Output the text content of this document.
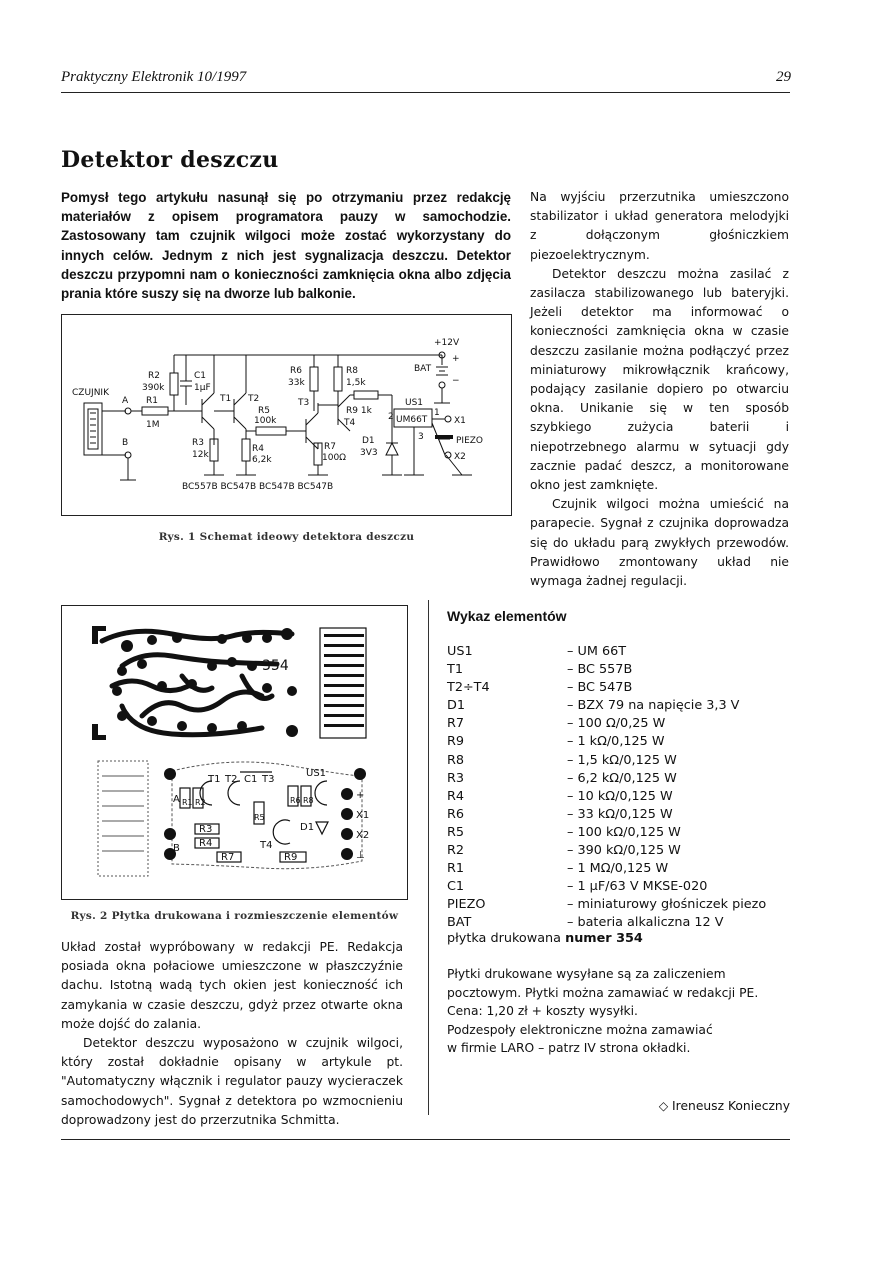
Praktyczny Elektronik 10/1997	29
Detektor deszczu
Pomysł tego artykułu nasunął się po otrzymaniu przez redakcję materiałów z opisem programatora pauzy w samochodzie. Zastosowany tam czujnik wilgoci może zostać wykorzystany do innych celów. Jednym z nich jest sygnalizacja deszczu. Detektor deszczu przypomni nam o konieczności zamknięcia okna albo zdjęcia prania które suszy się na dworze lub balkonie.

Na wyjściu przerzutnika umieszczono stabilizator i układ generatora melodyjki z dołączonym głośniczkiem piezoelektrycznym.

Detektor deszczu można zasilać z zasilacza stabilizowanego lub bateryjki. Jeżeli detektor ma informować o konieczności zamknięcia okna w czasie deszczu zasilanie można podłączyć przez miniaturowy mikrowłącznik krańcowy, podający zasilanie dopiero po otwarciu okna. Unikanie się w ten sposób szybkiego zużycia baterii i niepotrzebnego alarmu w sytuacji gdy zacznie padać deszcz, a monitorowane okno jest zamknięte.

Czujnik wilgoci można umieścić na parapecie. Sygnał z czujnika doprowadza się do układu parą zwykłych przewodów. Prawidłowo zmontowany układ nie wymaga żadnej regulacji.

CZUJNIK
A
B
R2
390k
R1
1M
C1
1µF
T1 T2
R5
100k
R3
12k
R4
6,2k
R6
33k
T3
R8
1,5k
R9 1k
T4
R7
100Ω
D1
3V3
US1
UM66T
1
2
3
+12V
BAT
+
−
X1
PIEZO
X2
BC557B BC547B BC547B BC547B
Rys. 1 Schemat ideowy detektora deszczu
354
A
B
R1 R2
T1 T2 C1 T3
R5
R6 R8
US1
D1
T4
R3
R4
R7	R9
+
X1
X2
⊥
Rys. 2 Płytka drukowana i rozmieszczenie elementów

Układ został wypróbowany w redakcji PE. Redakcja posiada okna połaciowe umieszczone w płaszczyźnie dachu. Istotną wadą tych okien jest konieczność ich zamykania w czasie deszczu, gdyż przez otwarte okna może dojść do zalania.

Detektor deszczu wyposażono w czujnik wilgoci, który został dokładnie opisany w artykule pt. "Automatyczny włącznik i regulator pauzy wycieraczek samochodowych". Sygnał z detektora po wzmocnieniu doprowadzony jest do przerzutnika Schmitta.

Wykaz elementów
US1	– UM 66T
T1	– BC 557B
T2÷T4	– BC 547B
D1	– BZX 79 na napięcie 3,3 V
R7	– 100 Ω/0,25 W
R9	– 1 kΩ/0,125 W
R8	– 1,5 kΩ/0,125 W
R3	– 6,2 kΩ/0,125 W
R4	– 10 kΩ/0,125 W
R6	– 33 kΩ/0,125 W
R5	– 100 kΩ/0,125 W
R2	– 390 kΩ/0,125 W
R1	– 1 MΩ/0,125 W
C1	– 1 µF/63 V MKSE-020
PIEZO	– miniaturowy głośniczek piezo
BAT	– bateria alkaliczna 12 V
płytka drukowana numer 354
Płytki drukowane wysyłane są za zaliczeniem
pocztowym. Płytki można zamawiać w redakcji PE.
Cena: 1,20 zł + koszty wysyłki.
Podzespoły elektroniczne można zamawiać
w firmie LARO – patrz IV strona okładki.
◇ Ireneusz Konieczny
